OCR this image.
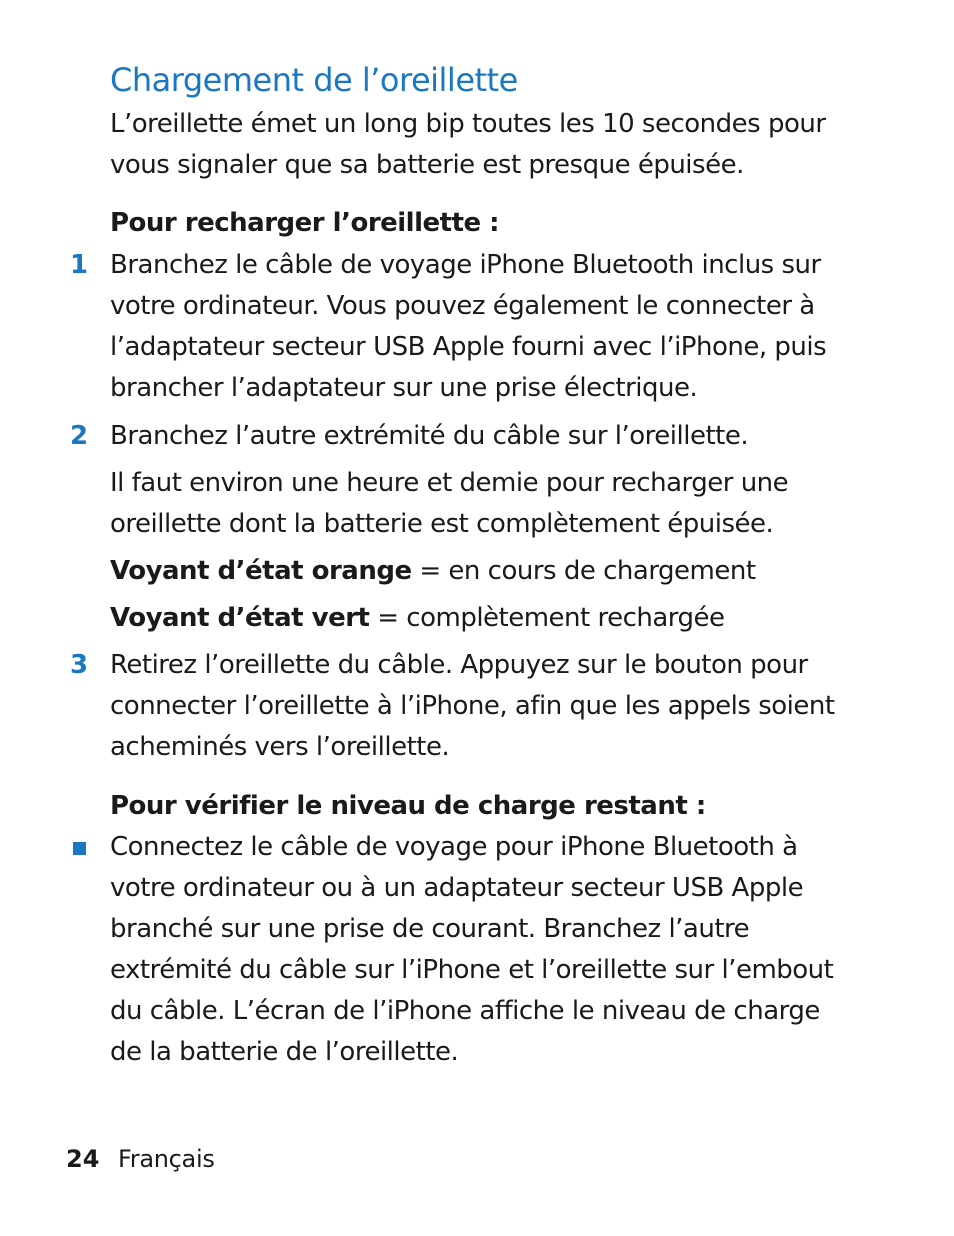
Chargement de l’oreillette

L’oreillette émet un long bip toutes les 10 secondes pour

vous signaler que sa batterie est presque épuisée.

Pour recharger l’oreillette :
1 Branchez le câble de voyage iPhone Bluetooth inclus sur

votre ordinateur. Vous pouvez également le connecter à

l’adaptateur secteur USB Apple fourni avec l’iPhone, puis

brancher l’adaptateur sur une prise électrique.

2 Branchez l’autre extrémité du câble sur l’oreillette.

Il faut environ une heure et demie pour recharger une

oreillette dont la batterie est complètement épuisée.

Voyant d’état orange = en cours de chargement
Voyant d’état vert = complètement rechargée
3 Retirez l’oreillette du câble. Appuyez sur le bouton pour

connecter l’oreillette à l’iPhone, afin que les appels soient

acheminés vers l’oreillette.

Pour vérifier le niveau de charge restant :

Connectez le câble de voyage pour iPhone Bluetooth à

votre ordinateur ou à un adaptateur secteur USB Apple

branché sur une prise de courant. Branchez l’autre

extrémité du câble sur l’iPhone et l’oreillette sur l’embout

du câble. L’écran de l’iPhone affiche le niveau de charge

de la batterie de l’oreillette.

24 Français
